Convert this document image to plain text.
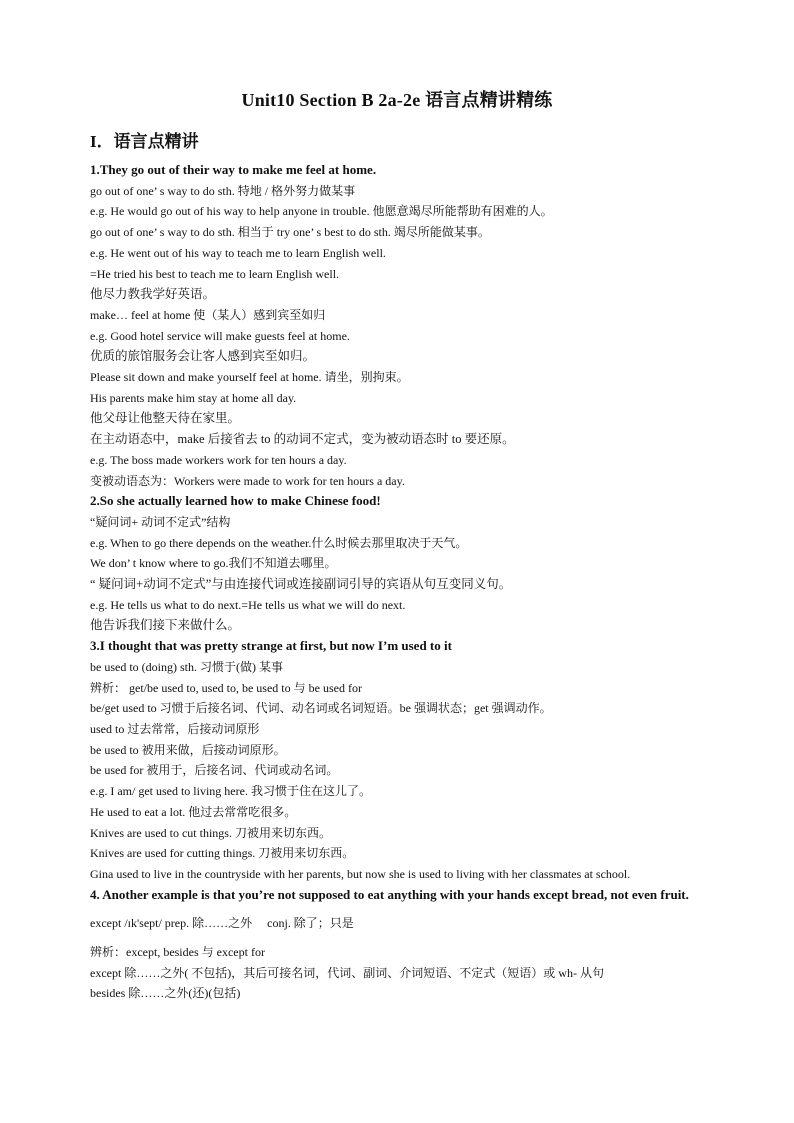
Unit10 Section B 2a-2e 语言点精讲精练
I．语言点精讲
1.They go out of their way to make me feel at home.
go out of one’ s way to do sth. 特地 / 格外努力做某事
e.g. He would go out of his way to help anyone in trouble. 他愿意竭尽所能帮助有困难的人。
go out of one’ s way to do sth. 相当于 try one’ s best to do sth. 竭尽所能做某事。
e.g. He went out of his way to teach me to learn English well.
=He tried his best to teach me to learn English well.
他尽力教我学好英语。
make… feel at home 使（某人）感到宾至如归
e.g. Good hotel service will make guests feel at home.
优质的旅馆服务会让客人感到宾至如归。
Please sit down and make yourself feel at home. 请坐，别拘束。
His parents make him stay at home all day.
他父母让他整天待在家里。
在主动语态中，make 后接省去 to 的动词不定式，变为被动语态时 to 要还原。
e.g. The boss made workers work for ten hours a day.
变被动语态为：Workers were made to work for ten hours a day.
2.So she actually learned how to make Chinese food!
“疑问词+ 动词不定式”结构
e.g. When to go there depends on the weather.什么时候去那里取决于天气。
We don’ t know where to go.我们不知道去哪里。
“ 疑问词+动词不定式”与由连接代词或连接副词引导的宾语从句互变同义句。
e.g. He tells us what to do next.=He tells us what we will do next.
他告诉我们接下来做什么。
3.I thought that was pretty strange at first, but now I’m used to it
be used to (doing) sth. 习惯于(做) 某事
辨析： get/be used to, used to, be used to 与 be used for
be/get used to 习惯于后接名词、代词、动名词或名词短语。be 强调状态；get 强调动作。
used to 过去常常，后接动词原形
be used to 被用来做，后接动词原形。
be used for 被用于，后接名词、代词或动名词。
e.g. I am/ get used to living here. 我习惯于住在这儿了。
He used to eat a lot. 他过去常常吃很多。
Knives are used to cut things. 刀被用来切东西。
Knives are used for cutting things. 刀被用来切东西。
Gina used to live in the countryside with her parents, but now she is used to living with her classmates at school.
4. Another example is that you’re not supposed to eat anything with your hands except bread, not even fruit.
except /ɪk'sept/ prep. 除……之外　 conj. 除了；只是
辨析：except, besides 与 except for
except 除……之外( 不包括)，其后可接名词，代词、副词、介词短语、不定式（短语）或 wh- 从句
besides 除……之外(还)(包括)
